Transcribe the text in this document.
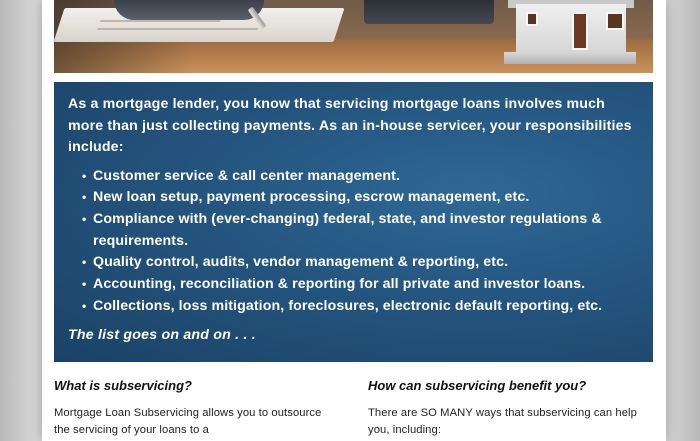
As a mortgage lender, you know that servicing mortgage loans involves much more than just collecting payments. As an in-house servicer, your responsibilities include:

• Customer service & call center management.
• New loan setup, payment processing, escrow management, etc.
• Compliance with (ever-changing) federal, state, and investor regulations & requirements.
• Quality control, audits, vendor management & reporting, etc.
• Accounting, reconciliation & reporting for all private and investor loans.
• Collections, loss mitigation, foreclosures, electronic default reporting, etc.

The list goes on and on . . .

What is subservicing?

Mortgage Loan Subservicing allows you to outsource the servicing of your loans to a

How can subservicing benefit you?

There are SO MANY ways that subservicing can help you, including:
